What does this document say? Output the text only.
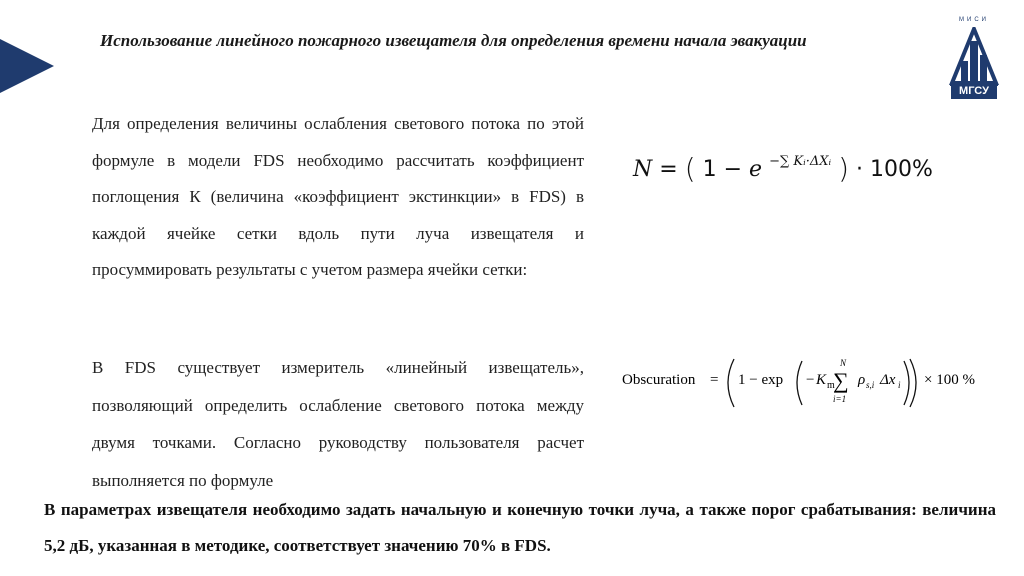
Использование линейного пожарного извещателя для определения времени начала эвакуации
МИСИ
МГСУ
Для определения величины ослабления светового потока по этой формуле в модели FDS необходимо рассчитать коэффициент поглощения К (величина «коэффициент экстинкции» в FDS) в каждой ячейке сетки вдоль пути луча извещателя и просуммировать результаты с учетом размера ячейки сетки:
N = ( 1 − e $^{-\sum Kᵢ\cdot\Delta Xᵢ}$ ) · 100%
В FDS существует измеритель «линейный извещатель», позволяющий определить ослабление светового потока между двумя точками. Согласно руководству пользователя расчет выполняется по формуле
Obscuration = 1 − exp − K m
N
∑
i=1
ρ s,i Δx i × 100 %
В параметрах извещателя необходимо задать начальную и конечную точки луча, а также порог срабатывания: величина 5,2 дБ, указанная в методике, соответствует значению 70% в FDS.
